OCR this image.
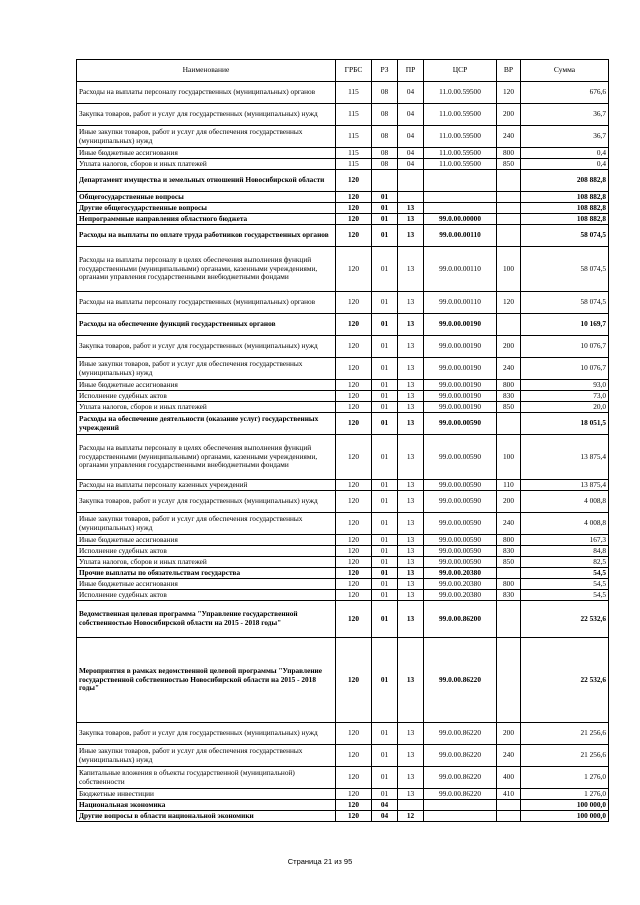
Наименование	ГРБС	РЗ	ПР	ЦСР	ВР	Сумма
Расходы на выплаты персоналу государственных (муниципальных) органов	115	08	04	11.0.00.59500	120	676,6
Закупка товаров, работ и услуг для государственных (муниципальных) нужд	115	08	04	11.0.00.59500	200	36,7
Иные закупки товаров, работ и услуг для обеспечения государственных (муниципальных) нужд	115	08	04	11.0.00.59500	240	36,7
Иные бюджетные ассигнования	115	08	04	11.0.00.59500	800	0,4
Уплата налогов, сборов и иных платежей	115	08	04	11.0.00.59500	850	0,4
Департамент имущества и земельных отношений Новосибирской области	120					208 882,8
Общегосударственные вопросы	120	01				108 882,8
Другие общегосударственные вопросы	120	01	13			108 882,8
Непрограммные направления областного бюджета	120	01	13	99.0.00.00000		108 882,8
Расходы на выплаты по оплате труда работников государственных органов	120	01	13	99.0.00.00110		58 074,5
Расходы на выплаты персоналу в целях обеспечения выполнения функций государственными (муниципальными) органами, казенными учреждениями, органами управления государственными внебюджетными фондами	120	01	13	99.0.00.00110	100	58 074,5
Расходы на выплаты персоналу государственных (муниципальных) органов	120	01	13	99.0.00.00110	120	58 074,5
Расходы на обеспечение функций государственных органов	120	01	13	99.0.00.00190		10 169,7
Закупка товаров, работ и услуг для государственных (муниципальных) нужд	120	01	13	99.0.00.00190	200	10 076,7
Иные закупки товаров, работ и услуг для обеспечения государственных (муниципальных) нужд	120	01	13	99.0.00.00190	240	10 076,7
Иные бюджетные ассигнования	120	01	13	99.0.00.00190	800	93,0
Исполнение судебных актов	120	01	13	99.0.00.00190	830	73,0
Уплата налогов, сборов и иных платежей	120	01	13	99.0.00.00190	850	20,0
Расходы на обеспечение деятельности (оказание услуг) государственных учреждений	120	01	13	99.0.00.00590		18 051,5
Расходы на выплаты персоналу в целях обеспечения выполнения функций государственными (муниципальными) органами, казенными учреждениями, органами управления государственными внебюджетными фондами	120	01	13	99.0.00.00590	100	13 875,4
Расходы на выплаты персоналу казенных учреждений	120	01	13	99.0.00.00590	110	13 875,4
Закупка товаров, работ и услуг для государственных (муниципальных) нужд	120	01	13	99.0.00.00590	200	4 008,8
Иные закупки товаров, работ и услуг для обеспечения государственных (муниципальных) нужд	120	01	13	99.0.00.00590	240	4 008,8
Иные бюджетные ассигнования	120	01	13	99.0.00.00590	800	167,3
Исполнение судебных актов	120	01	13	99.0.00.00590	830	84,8
Уплата налогов, сборов и иных платежей	120	01	13	99.0.00.00590	850	82,5
Прочие выплаты по обязательствам государства	120	01	13	99.0.00.20380		54,5
Иные бюджетные ассигнования	120	01	13	99.0.00.20380	800	54,5
Исполнение судебных актов	120	01	13	99.0.00.20380	830	54,5
Ведомственная целевая программа "Управление государственной собственностью Новосибирской области на 2015 - 2018 годы"	120	01	13	99.0.00.86200		22 532,6
Мероприятия в рамках ведомственной целевой программы "Управление государственной собственностью Новосибирской области на 2015 - 2018 годы"	120	01	13	99.0.00.86220		22 532,6
Закупка товаров, работ и услуг для государственных (муниципальных) нужд	120	01	13	99.0.00.86220	200	21 256,6
Иные закупки товаров, работ и услуг для обеспечения государственных (муниципальных) нужд	120	01	13	99.0.00.86220	240	21 256,6
Капитальные вложения в объекты государственной (муниципальной) собственности	120	01	13	99.0.00.86220	400	1 276,0
Бюджетные инвестиции	120	01	13	99.0.00.86220	410	1 276,0
Национальная экономика	120	04				100 000,0
Другие вопросы в области национальной экономики	120	04	12			100 000,0
Страница 21 из 95
